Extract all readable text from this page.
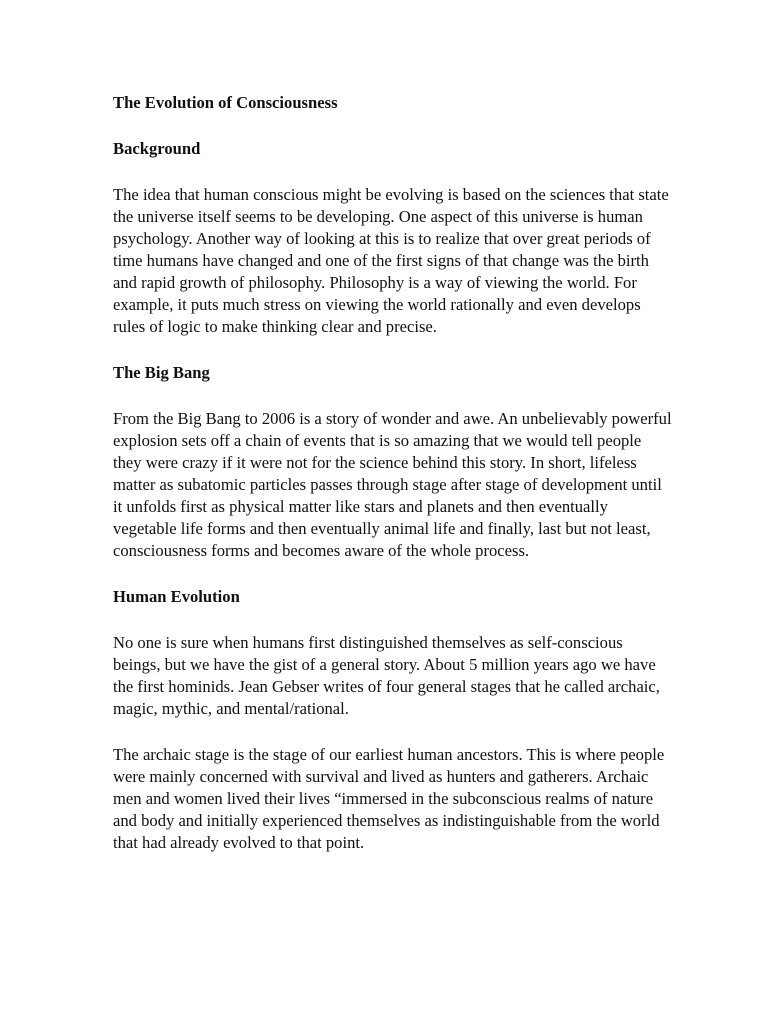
The Evolution of Consciousness
Background

The idea that human conscious might be evolving is based on the sciences that state the universe itself seems to be developing. One aspect of this universe is human psychology. Another way of looking at this is to realize that over great periods of time humans have changed and one of the first signs of that change was the birth and rapid growth of philosophy. Philosophy is a way of viewing the world. For example, it puts much stress on viewing the world rationally and even develops rules of logic to make thinking clear and precise.

The Big Bang

From the Big Bang to 2006 is a story of wonder and awe. An unbelievably powerful explosion sets off a chain of events that is so amazing that we would tell people they were crazy if it were not for the science behind this story. In short, lifeless matter as subatomic particles passes through stage after stage of development until it unfolds first as physical matter like stars and planets and then eventually vegetable life forms and then eventually animal life and finally, last but not least, consciousness forms and becomes aware of the whole process.

Human Evolution

No one is sure when humans first distinguished themselves as self-conscious beings, but we have the gist of a general story. About 5 million years ago we have the first hominids. Jean Gebser writes of four general stages that he called archaic, magic, mythic, and mental/rational.

The archaic stage is the stage of our earliest human ancestors. This is where people were mainly concerned with survival and lived as hunters and gatherers. Archaic men and women lived their lives “immersed in the subconscious realms of nature and body and initially experienced themselves as indistinguishable from the world that had already evolved to that point.
